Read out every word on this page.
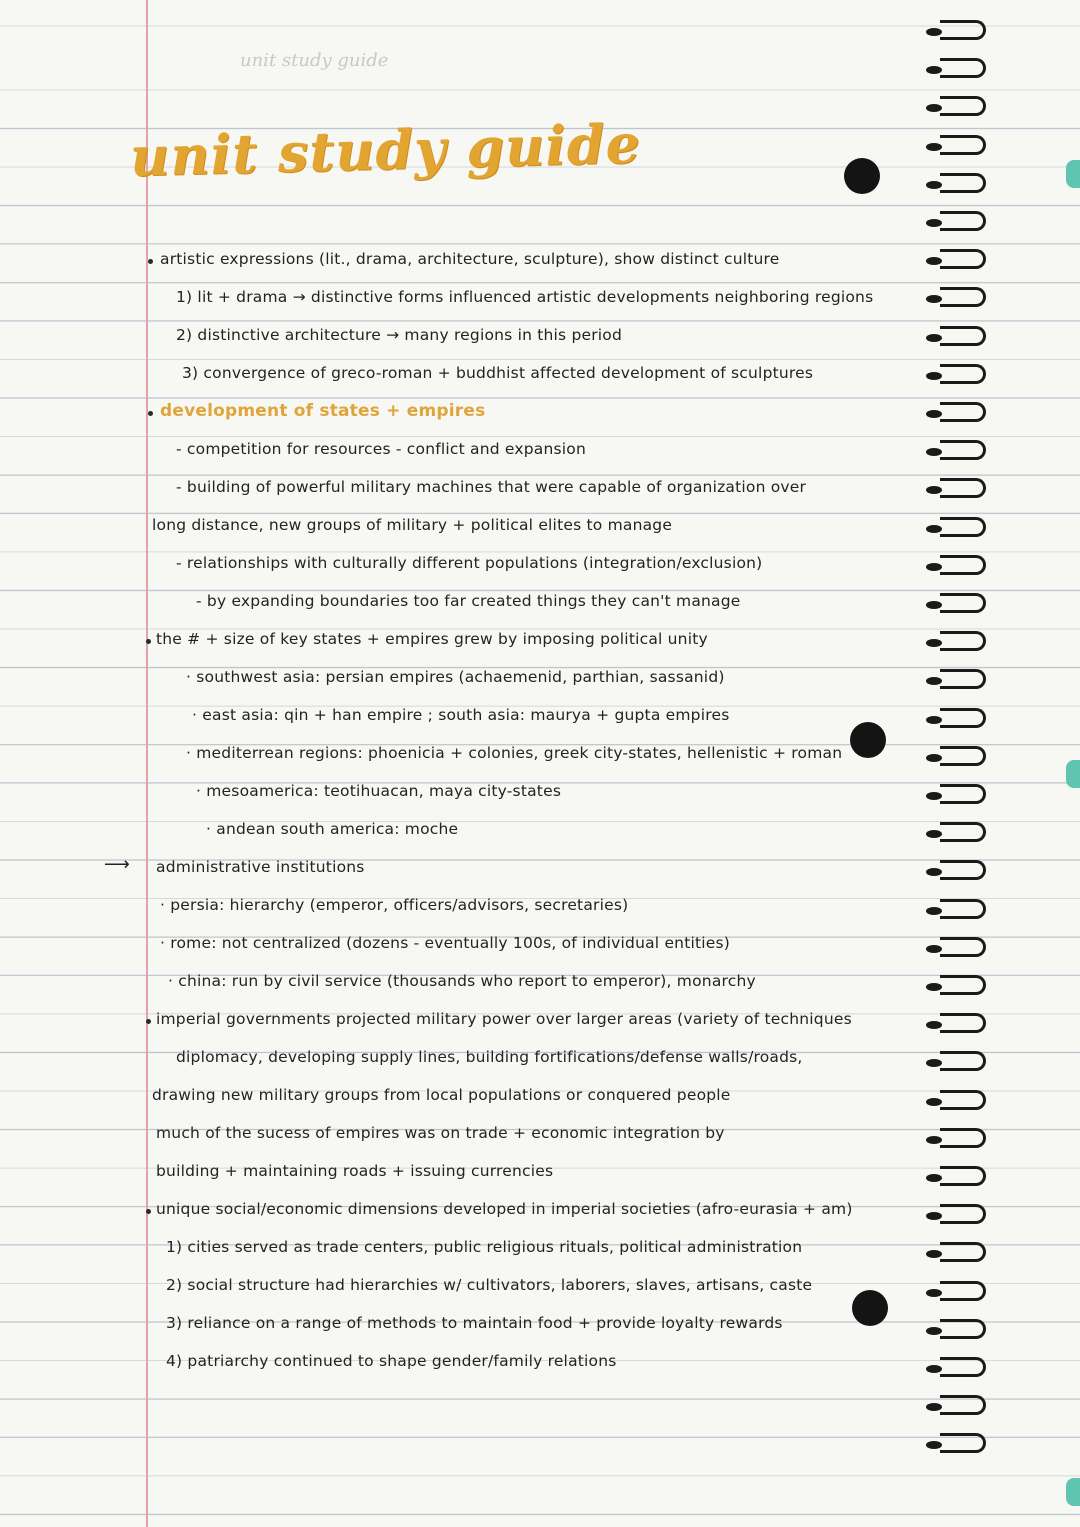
unit study guide
unit study guide
artistic expressions (lit., drama, architecture, sculpture), show distinct culture
1) lit + drama → distinctive forms influenced artistic developments neighboring regions
2) distinctive architecture → many regions in this period
3) convergence of greco-roman + buddhist affected development of sculptures
development of states + empires
- competition for resources - conflict and expansion
- building of powerful military machines that were capable of organization over
long distance, new groups of military + political elites to manage
- relationships with culturally different populations (integration/exclusion)
- by expanding boundaries too far created things they can't manage
the # + size of key states + empires grew by imposing political unity
· southwest asia: persian empires (achaemenid, parthian, sassanid)
· east asia: qin + han empire ; south asia: maurya + gupta empires
· mediterrean regions: phoenicia + colonies, greek city-states, hellenistic + roman
· mesoamerica: teotihuacan, maya city-states
· andean south america: moche
⟶ administrative institutions
· persia: hierarchy (emperor, officers/advisors, secretaries)
· rome: not centralized (dozens - eventually 100s, of individual entities)
· china: run by civil service (thousands who report to emperor), monarchy
imperial governments projected military power over larger areas (variety of techniques
diplomacy, developing supply lines, building fortifications/defense walls/roads,
drawing new military groups from local populations or conquered people
much of the sucess of empires was on trade + economic integration by
building + maintaining roads + issuing currencies
unique social/economic dimensions developed in imperial societies (afro-eurasia + am)
1) cities served as trade centers, public religious rituals, political administration
2) social structure had hierarchies w/ cultivators, laborers, slaves, artisans, caste
3) reliance on a range of methods to maintain food + provide loyalty rewards
4) patriarchy continued to shape gender/family relations
